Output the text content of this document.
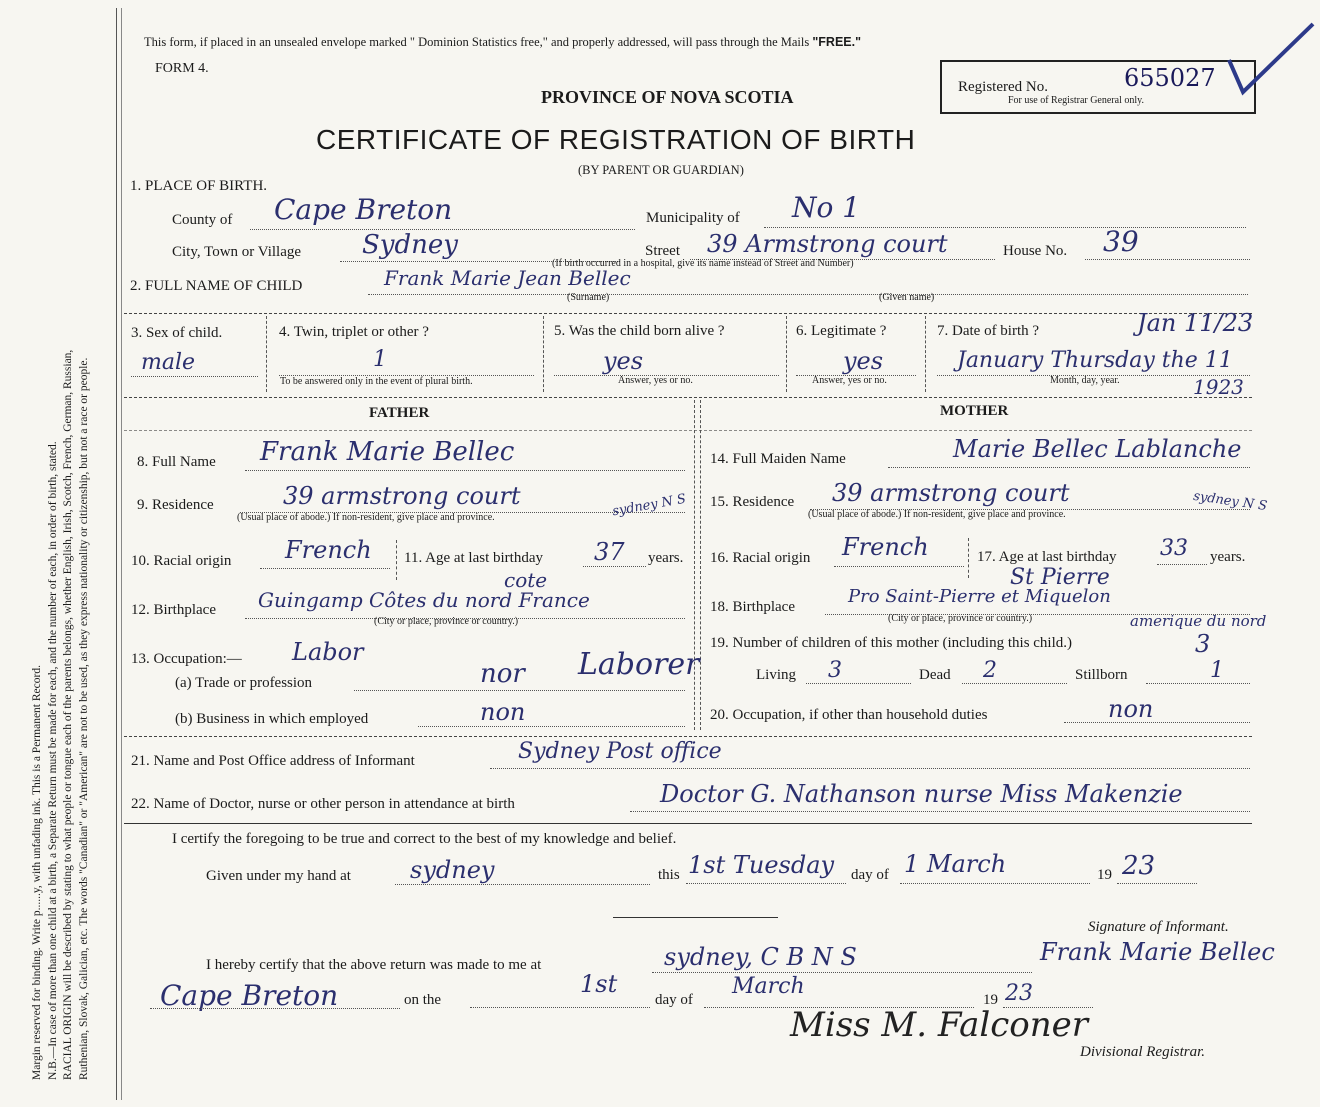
Margin reserved for binding. Write p......y, with unfading ink. This is a Permanent Record. N.B.—In case of more than one child at a birth, a Separate Return must be made for each, and the number of each, in order of birth, stated. RACIAL ORIGIN will be described by stating to what people or tongue each of the parents belongs, whether English, Irish, Scotch, French, German, Russian, Ruthenian, Slovak, Galician, etc. The words "Canadian" or "American" are not to be used, as they express nationality or citizenship, but not a race or people.
This form, if placed in an unsealed envelope marked " Dominion Statistics free," and properly addressed, will pass through the Mails "FREE."
FORM 4.
PROVINCE OF NOVA SCOTIA
CERTIFICATE OF REGISTRATION OF BIRTH
(BY PARENT OR GUARDIAN)
Registered No.	655027
For use of Registrar General only.
1. PLACE OF BIRTH.
County of Cape Breton	Municipality of No 1
City, Town or Village Sydney	Street 39 Armstrong court	House No. 39
(If birth occurred in a hospital, give its name instead of Street and Number)
2. FULL NAME OF CHILD	Frank Marie Jean Bellec
(Surname)	(Given name)
3. Sex of child.
male
4. Twin, triplet or other ?
1
To be answered only in the event of plural birth.
5. Was the child born alive ?
yes
Answer, yes or no.
6. Legitimate ?
yes
Answer, yes or no.
7. Date of birth ?	Jan 11/23
January Thursday the 11
Month, day, year.	1923
FATHER	MOTHER
8. Full Name Frank Marie Bellec
9. Residence	39 armstrong court	sydney N S
(Usual place of abode.) If non-resident, give place and province.
10. Racial origin French 11. Age at last birthday 37 years.
cote
12. Birthplace Guingamp Côtes du nord France
(City or place, province or country.)
13. Occupation:— Labor
(a) Trade or profession	nor Laborer
(b) Business in which employed	non
14. Full Maiden Name	Marie Bellec Lablanche
15. Residence 39 armstrong court	sydney N S
(Usual place of abode.) If non-resident, give place and province.
16. Racial origin French	17. Age at last birthday 33 years.
St Pierre
18. Birthplace	Pro Saint-Pierre et Miquelon
amerique du nord
(City or place, province or country.)
19. Number of children of this mother (including this child.)	3
Living 3	Dead 2	Stillborn	1
20. Occupation, if other than household duties	non
21. Name and Post Office address of Informant	Sydney Post office
22. Name of Doctor, nurse or other person in attendance at birth	Doctor G. Nathanson nurse Miss Makenzie
I certify the foregoing to be true and correct to the best of my knowledge and belief.
Given under my hand at sydney	this 1st Tuesday day of 1 March	19 23
Signature of Informant.
Frank Marie Bellec
I hereby certify that the above return was made to me at	sydney, C B N S
Cape Breton	on the
1st
day of
March
19 23
Miss M. Falconer
Divisional Registrar.
